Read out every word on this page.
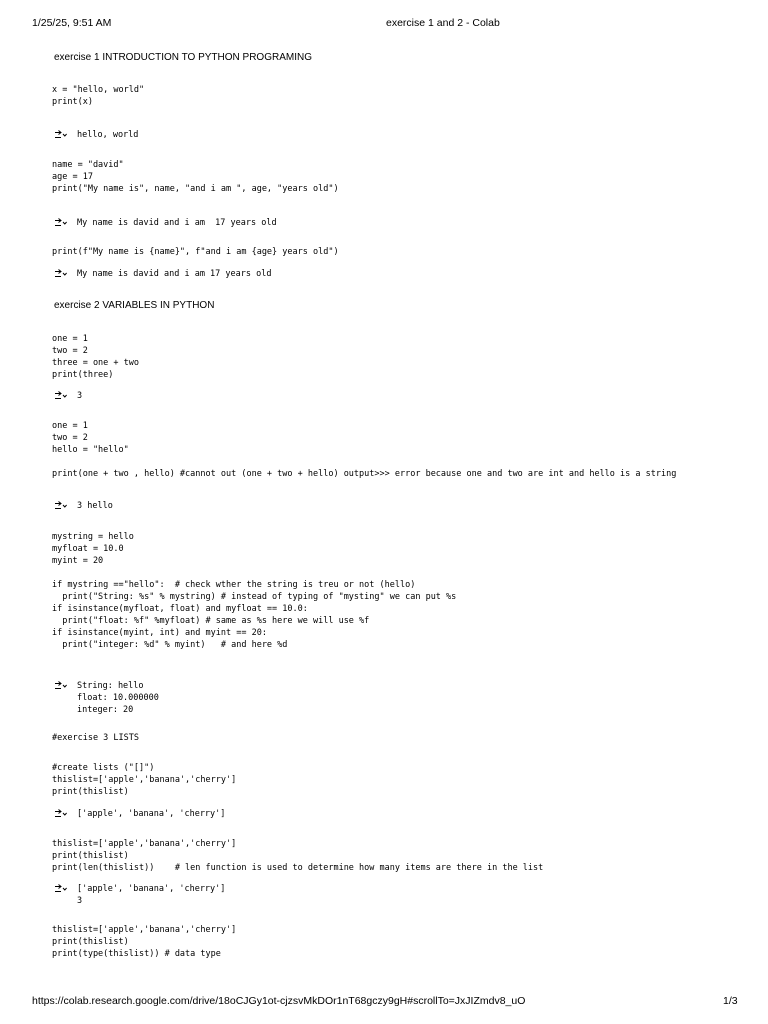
1/25/25, 9:51 AM	exercise 1 and 2 - Colab
exercise 1 INTRODUCTION TO PYTHON PROGRAMING
x = "hello, world"
print(x)
hello, world
name = "david"
age = 17
print("My name is", name, "and i am ", age, "years old")
My name is david and i am  17 years old
print(f"My name is {name}", f"and i am {age} years old")
My name is david and i am 17 years old
exercise 2 VARIABLES IN PYTHON
one = 1
two = 2
three = one + two
print(three)
3
one = 1
two = 2
hello = "hello"

print(one + two , hello) #cannot out (one + two + hello) output>>> error because one and two are int and hello is a string
3 hello
mystring = hello
myfloat = 10.0
myint = 20

if mystring =="hello":  # check wther the string is treu or not (hello)
print("String: %s" % mystring) # instead of typing of "mysting" we can put %s
if isinstance(myfloat, float) and myfloat == 10.0:
print("float: %f" %myfloat) # same as %s here we will use %f
if isinstance(myint, int) and myint == 20:
print("integer: %d" % myint)   # and here %d
String: hello
float: 10.000000
integer: 20
#exercise 3 LISTS
#create lists ("[]")
thislist=['apple','banana','cherry']
print(thislist)
['apple', 'banana', 'cherry']
thislist=['apple','banana','cherry']
print(thislist)
print(len(thislist))    # len function is used to determine how many items are there in the list
['apple', 'banana', 'cherry']
3
thislist=['apple','banana','cherry']
print(thislist)
print(type(thislist)) # data type
https://colab.research.google.com/drive/18oCJGy1ot-cjzsvMkDOr1nT68gczy9gH#scrollTo=JxJIZmdv8_uO	1/3
